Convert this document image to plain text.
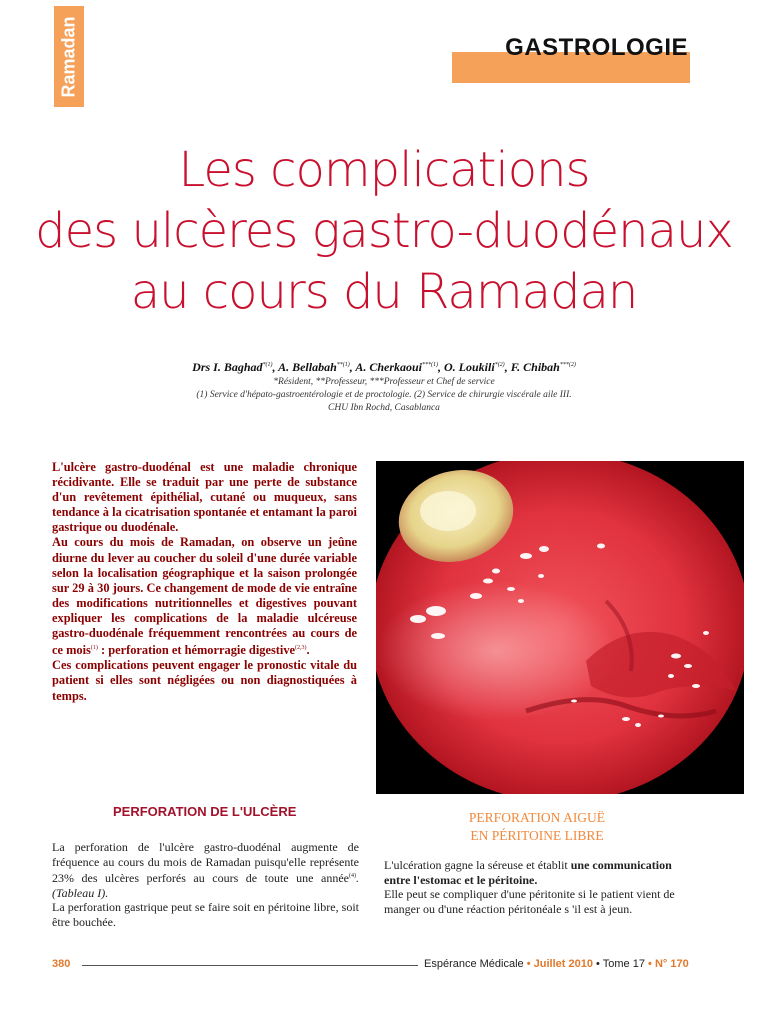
Ramadan	GASTROLOGIE
Les complications
des ulcères gastro-duodénaux
au cours du Ramadan
Drs I. Baghad$^{*(1)}$, A. Bellabah$^{**(1)}$, A. Cherkaoui$^{***(1)}$, O. Loukili$^{*(2)}$, F. Chibah$^{***(2)}$
*Résident, **Professeur, ***Professeur et Chef de service
(1) Service d'hépato-gastroentérologie et de proctologie. (2) Service de chirurgie viscérale aile III.
CHU Ibn Rochd, Casablanca

L'ulcère gastro-duodénal est une maladie chronique récidivante. Elle se traduit par une perte de substance d'un revêtement épithélial, cutané ou muqueux, sans tendance à la cicatrisation spontanée et entamant la paroi gastrique ou duodénale.

Au cours du mois de Ramadan, on observe un jeûne diurne du lever au coucher du soleil d'une durée variable selon la localisation géographique et la saison prolongée sur 29 à 30 jours. Ce changement de mode de vie entraîne des modifications nutritionnelles et digestives pouvant expliquer les complications de la maladie ulcéreuse gastro-duodénale fréquemment rencontrées au cours de ce mois$^{(1)}$ : perforation et hémorragie digestive$^{(2,3)}$.

Ces complications peuvent engager le pronostic vitale du patient si elles sont négligées ou non diagnostiquées à temps.

PERFORATION DE L'ULCÈRE

La perforation de l'ulcère gastro-duodénal augmente de fréquence au cours du mois de Ramadan puisqu'elle représente 23% des ulcères perforés au cours de toute une année$^{(4)}$. (Tableau I).

La perforation gastrique peut se faire soit en péritoine libre, soit être bouchée.

PERFORATION AIGUË
EN PÉRITOINE LIBRE

L'ulcération gagne la séreuse et établit une communication entre l'estomac et le péritoine.

Elle peut se compliquer d'une péritonite si le patient vient de manger ou d'une réaction péritonéale s 'il est à jeun.

380	Espérance Médicale • Juillet 2010 • Tome 17 • N° 170
